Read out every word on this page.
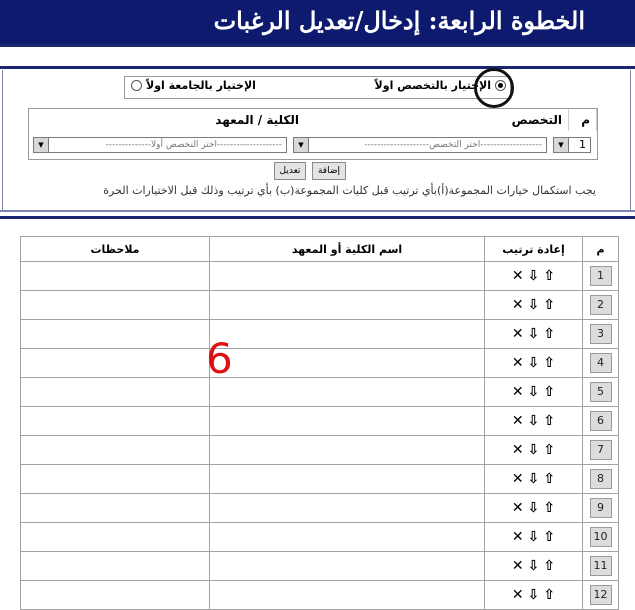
الخطوة الرابعة: إدخال/تعديل الرغبات
الإختيار بالتخصص اولاً
الإختيار بالجامعة اولاً
م
التخصص
الكلية / المعهد
1
▼
-------------------اختر التخصص--------------------
▼
--------------------اختر التخصص أولا--------------
▼
إضافة
تعديل
يجب استكمال خيارات المجموعة(أ)بأي ترتيب قبل كليات المجموعة(ب) بأي ترتيب وذلك قبل الاختيارات الحرة
ملاحظات	اسم الكلية أو المعهد	إعادة ترتيب	م

		✕ ⇩ ⇧	1

		✕ ⇩ ⇧	2

		✕ ⇩ ⇧	3

		✕ ⇩ ⇧	4

		✕ ⇩ ⇧	5

		✕ ⇩ ⇧	6

		✕ ⇩ ⇧	7

		✕ ⇩ ⇧	8

		✕ ⇩ ⇧	9

		✕ ⇩ ⇧	10

		✕ ⇩ ⇧	11

		✕ ⇩ ⇧	12
6
